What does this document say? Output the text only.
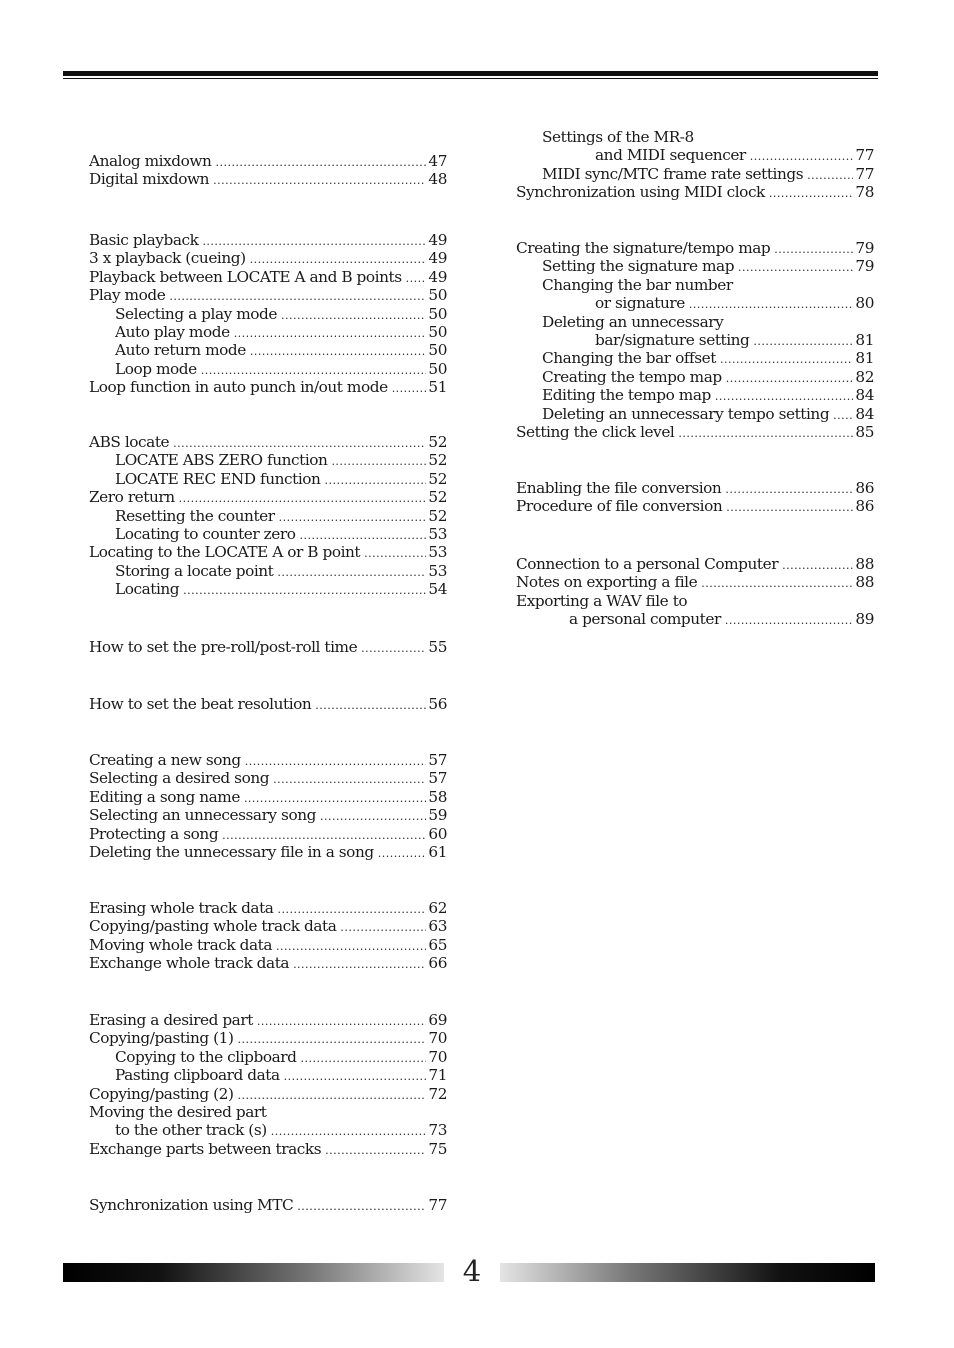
Analog mixdown .....	47
Digital mixdown .....	48
Basic playback .....	49
3 x playback (cueing) .....	49
Playback between LOCATE A and B points ..... 49
Play mode .....	50
Selecting a play mode .....	50
Auto play mode .....	50
Auto return mode .....	50
Loop mode .....	50
Loop function in auto punch in/out mode .....	51
ABS locate .....	52
LOCATE ABS ZERO function .....	52
LOCATE REC END function .....	52
Zero return .....	52
Resetting the counter .....	52
Locating to counter zero .....	53
Locating to the LOCATE A or B point .....	53
Storing a locate point .....	53
Locating .....	54
How to set the pre-roll/post-roll time .....	55
How to set the beat resolution .....	56
Creating a new song .....	57
Selecting a desired song .....	57
Editing a song name .....	58
Selecting an unnecessary song .....	59
Protecting a song .....	60
Deleting the unnecessary file in a song .....	61
Erasing whole track data .....	62
Copying/pasting whole track data .....	63
Moving whole track data .....	65
Exchange whole track data .....	66
Erasing a desired part .....	69
Copying/pasting (1) .....	70
Copying to the clipboard .....	70
Pasting clipboard data .....	71
Copying/pasting (2) .....	72
Moving the desired part
to the other track (s) .....	73
Exchange parts between tracks .....	75
Synchronization using MTC .....	77
Settings of the MR-8
and MIDI sequencer .....	77
MIDI sync/MTC frame rate settings .....	77
Synchronization using MIDI clock .....	78
Creating the signature/tempo map .....	79
Setting the signature map .....	79
Changing the bar number
or signature .....	80
Deleting an unnecessary
bar/signature setting .....	81
Changing the bar offset .....	81
Creating the tempo map .....	82
Editing the tempo map .....	84
Deleting an unnecessary tempo setting ..... 84
Setting the click level .....	85
Enabling the file conversion .....	86
Procedure of file conversion .....	86
Connection to a personal Computer .....	88
Notes on exporting a file .....	88
Exporting a WAV file to
a personal computer .....	89
4
